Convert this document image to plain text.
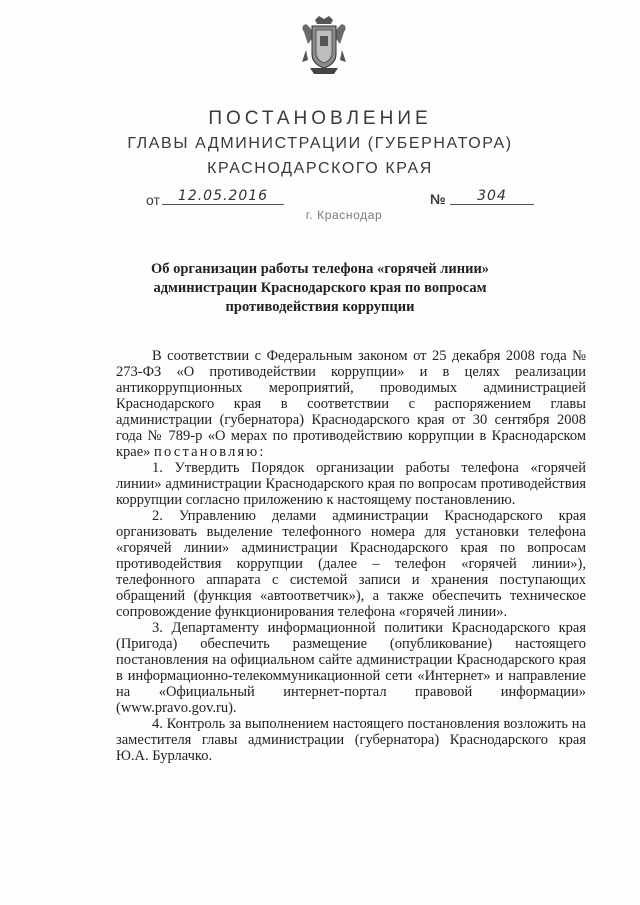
ПОСТАНОВЛЕНИЕ
ГЛАВЫ АДМИНИСТРАЦИИ (ГУБЕРНАТОРА)
КРАСНОДАРСКОГО КРАЯ
от	12.05.2016	№	304
г. Краснодар
Об организации работы телефона «горячей линии»
администрации Краснодарского края по вопросам
противодействия коррупции

В соответствии с Федеральным законом от 25 декабря 2008 года № 273-ФЗ «О противодействии коррупции» и в целях реализации антикоррупционных мероприятий, проводимых администрацией Краснодарского края в соответствии с распоряжением главы администрации (губернатора) Краснодарского края от 30 сентября 2008 года № 789-р «О мерах по противодействию коррупции в Краснодарском крае» постановляю:

1. Утвердить Порядок организации работы телефона «горячей линии» администрации Краснодарского края по вопросам противодействия коррупции согласно приложению к настоящему постановлению.

2. Управлению делами администрации Краснодарского края организовать выделение телефонного номера для установки телефона «горячей линии» администрации Краснодарского края по вопросам противодействия коррупции (далее – телефон «горячей линии»), телефонного аппарата с системой записи и хранения поступающих обращений (функция «автоответчик»), а также обеспечить техническое сопровождение функционирования телефона «горячей линии».

3. Департаменту информационной политики Краснодарского края (Пригода) обеспечить размещение (опубликование) настоящего постановления на официальном сайте администрации Краснодарского края в информационно-телекоммуникационной сети «Интернет» и направление на «Официальный интернет-портал правовой информации» (www.pravo.gov.ru).

4. Контроль за выполнением настоящего постановления возложить на заместителя главы администрации (губернатора) Краснодарского края Ю.А. Бурлачко.
